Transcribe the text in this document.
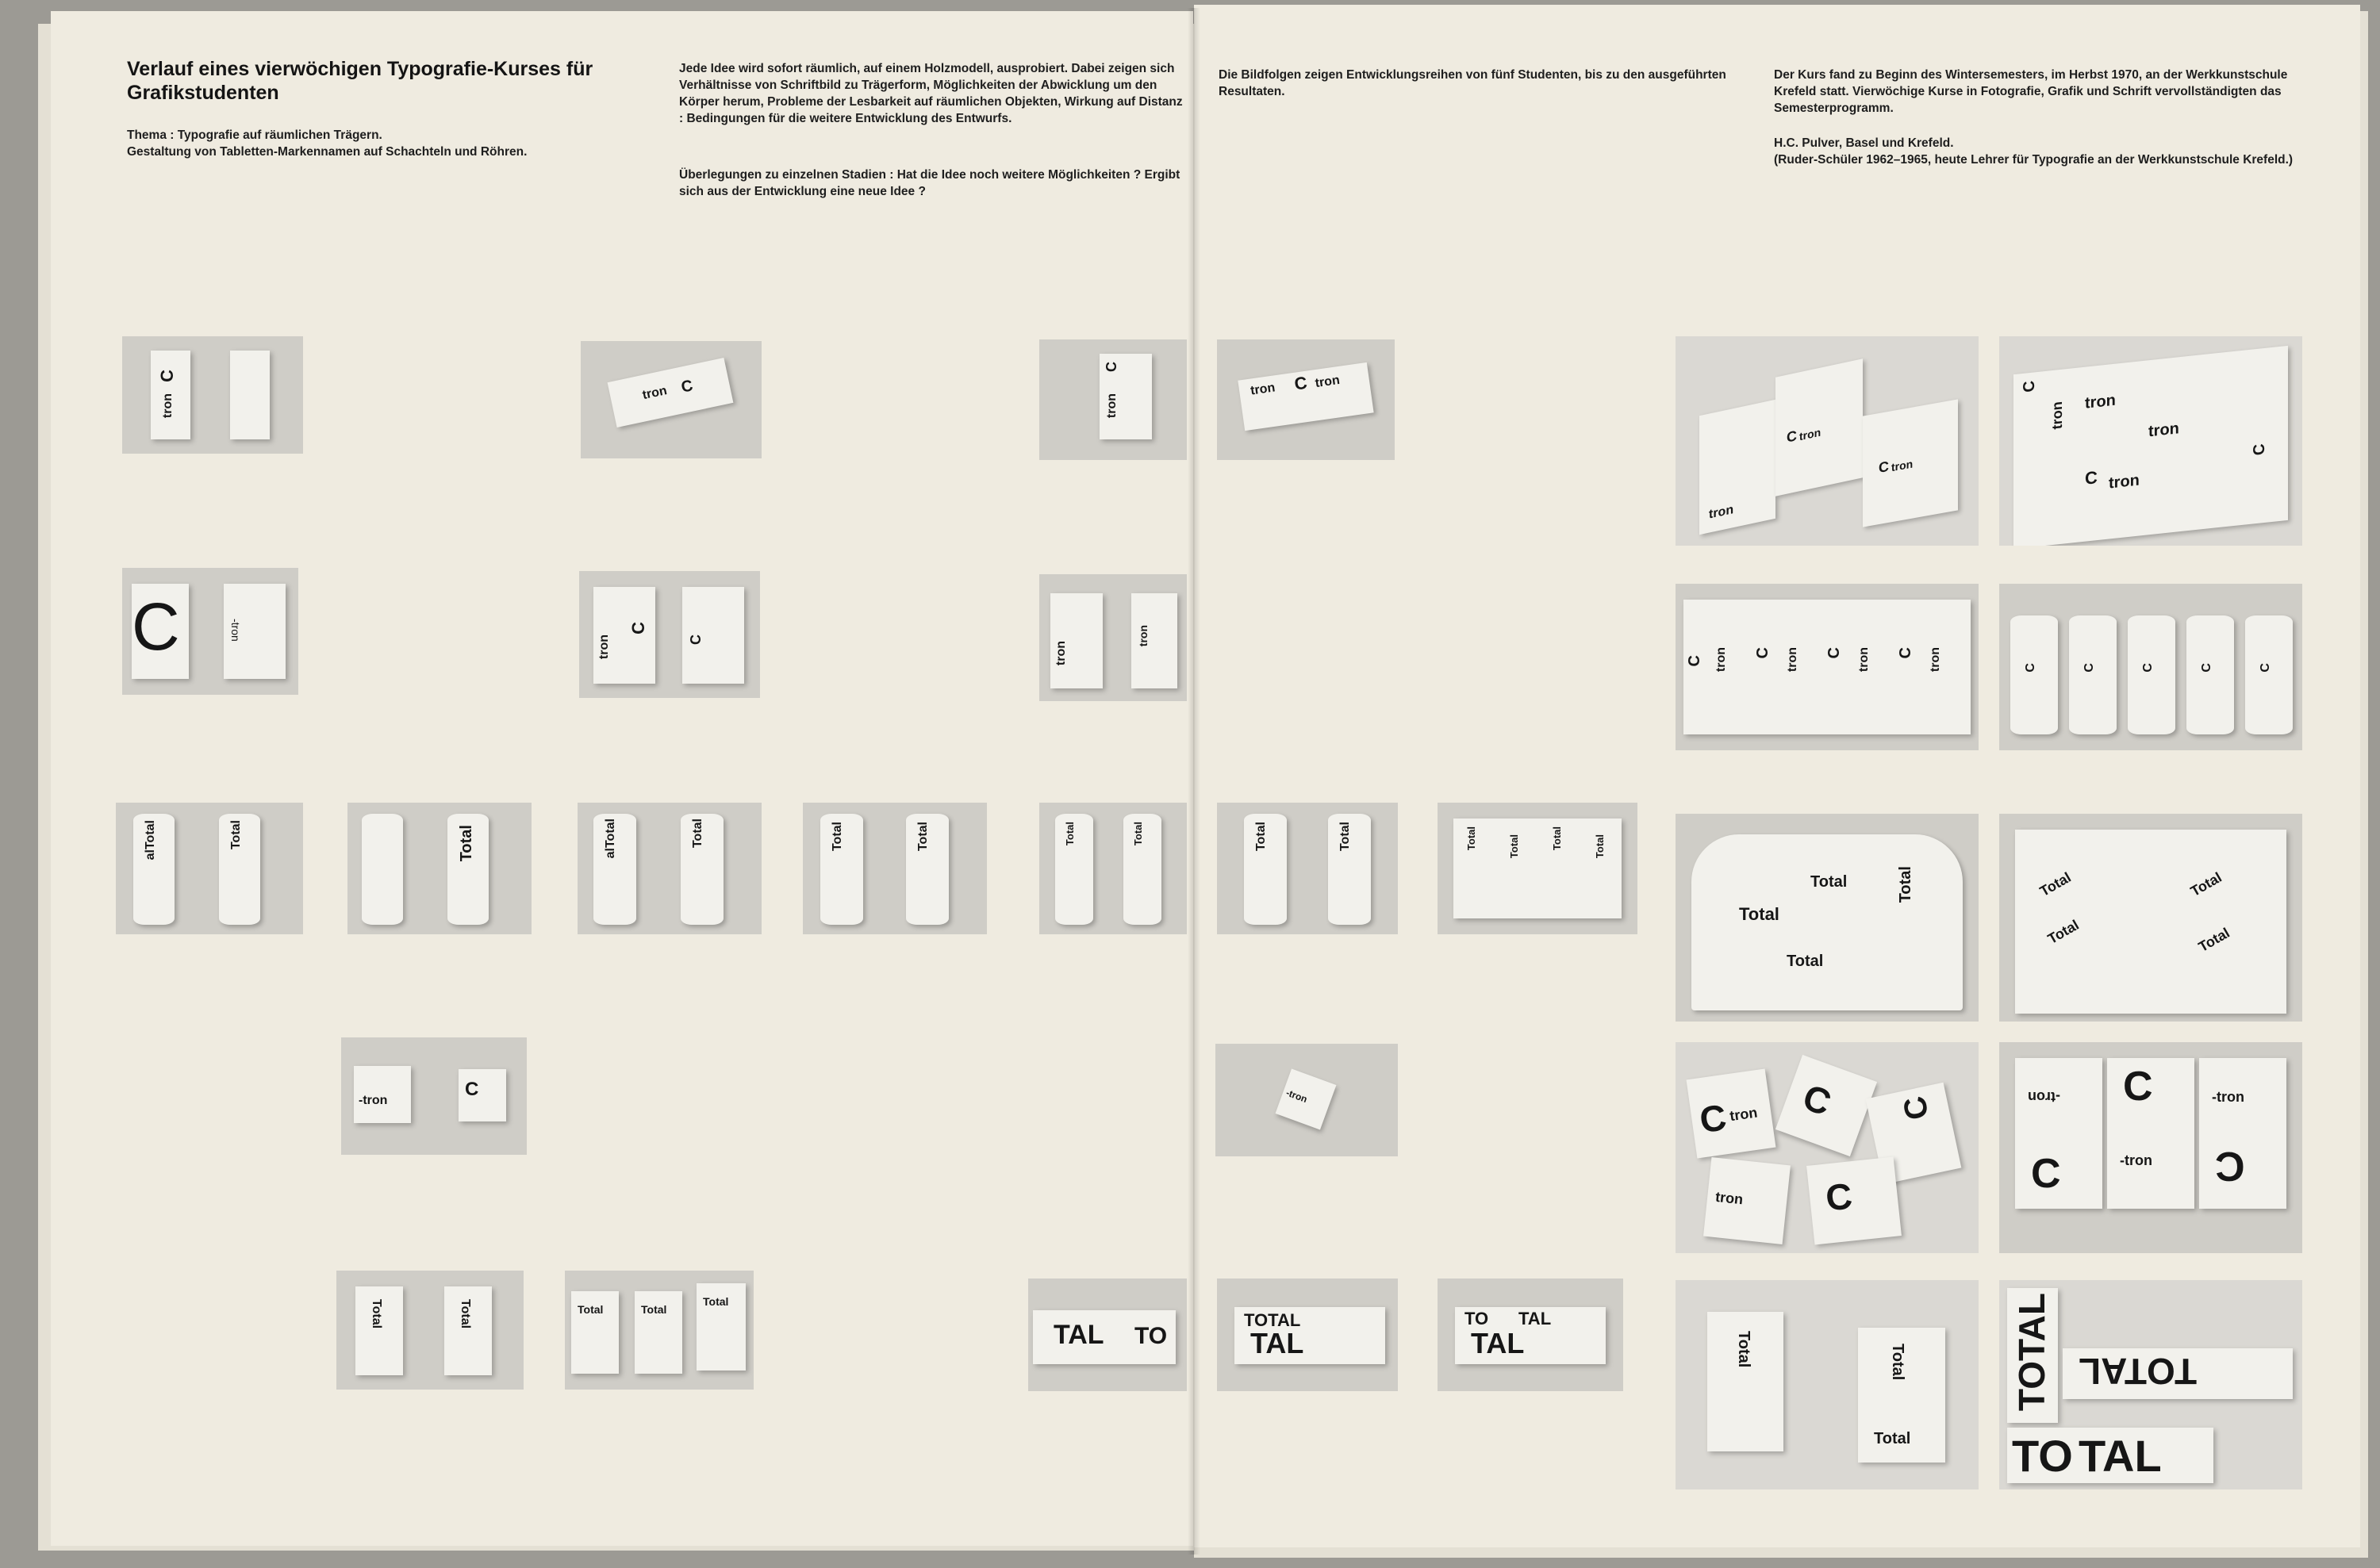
Verlauf eines vierwöchigen Typografie-Kurses für Grafikstudenten

Thema : Typografie auf räumlichen Trägern.
Gestaltung von Tabletten-Markennamen auf Schachteln und Röhren.

Jede Idee wird sofort räumlich, auf einem Holzmodell, ausprobiert. Dabei zeigen sich Verhältnisse von Schriftbild zu Trägerform, Möglichkeiten der Abwicklung um den Körper herum, Probleme der Lesbarkeit auf räumlichen Objekten, Wirkung auf Distanz : Bedingungen für die weitere Entwicklung des Entwurfs.

Überlegungen zu einzelnen Stadien : Hat die Idee noch weitere Möglichkeiten ? Ergibt sich aus der Entwicklung eine neue Idee ?

Die Bildfolgen zeigen Entwicklungsreihen von fünf Studenten, bis zu den ausgeführten Resultaten.

Der Kurs fand zu Beginn des Wintersemesters, im Herbst 1970, an der Werkkunstschule Krefeld statt. Vierwöchige Kurse in Fotografie, Grafik und Schrift vervollständigten das Semesterprogramm.

H.C. Pulver, Basel und Krefeld.
(Ruder-Schüler 1962–1965, heute Lehrer für Typografie an der Werkkunstschule Krefeld.)

C
tron
tron C
C
tron
tron C tron
tron
C tron
C tron
C
tron tron
tron
C tron
C
C	-tron
tron
C
C
tron
tron
C tron C tron C tron C tron	C	C	C	C	C
alTotal	Total	Total	alTotal	Total	Total	Total	Total	Total	Total	Total	Total	Total	Total	Total
Total
Total	Total
Total
Total
Total
Total
Total
-tron
C	-tron
C tron C C
tron C
-tron
C
C
-tron
-tron
C
Total	Total	Total	Total
Total
TAL TO
TOTAL
TAL
TO TAL
TAL	Total	Total
Total
TOTAL TOTAL
TO TAL
